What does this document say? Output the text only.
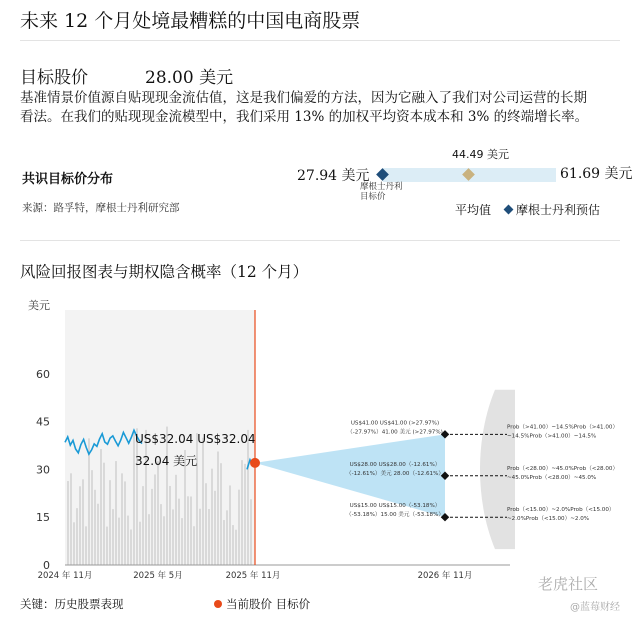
未来 12 个月处境最糟糕的中国电商股票
目标股价	28.00 美元
基准情景价值源自贴现现金流估值，这是我们偏爱的方法，因为它融入了我们对公司运营的长期看法。在我们的贴现现金流模型中，我们采用 13% 的加权平均资本成本和 3% 的终端增长率。
共识目标价分布
来源：路孚特，摩根士丹利研究部
27.94 美元	61.69 美元
44.49 美元
摩根士丹利
目标价
平均值 摩根士丹利预估
风险回报图表与期权隐含概率（12 个月）
0
15
30
45
60
美元
2024 年 11月	2025 年 5月	2025 年 11月	2026 年 11月
US$32.04 US$32.04
32.04 美元
US$41.00 US$41.00 (>27.97%)
（-27.97%）41.00 美元 (>27.97%)
Prob（>41.00）~14.5%Prob（>41.00）
~14.5%Prob（>41.00）~14.5%
US$28.00 US$28.00（-12.61%）
（-12.61%）美元 28.00（-12.61%）
Prob（<28.00）~45.0%Prob（<28.00）
~45.0%Prob（<28.00）~45.0%
US$15.00 US$15.00（-53.18%）
（-53.18%）15.00 美元（-53.18%）
Prob（<15.00）~2.0%Prob（<15.00）
~2.0%Prob（<15.00）~2.0%
关键：历史股票表现	当前股价 目标价
老虎社区
@蓝莓财经
